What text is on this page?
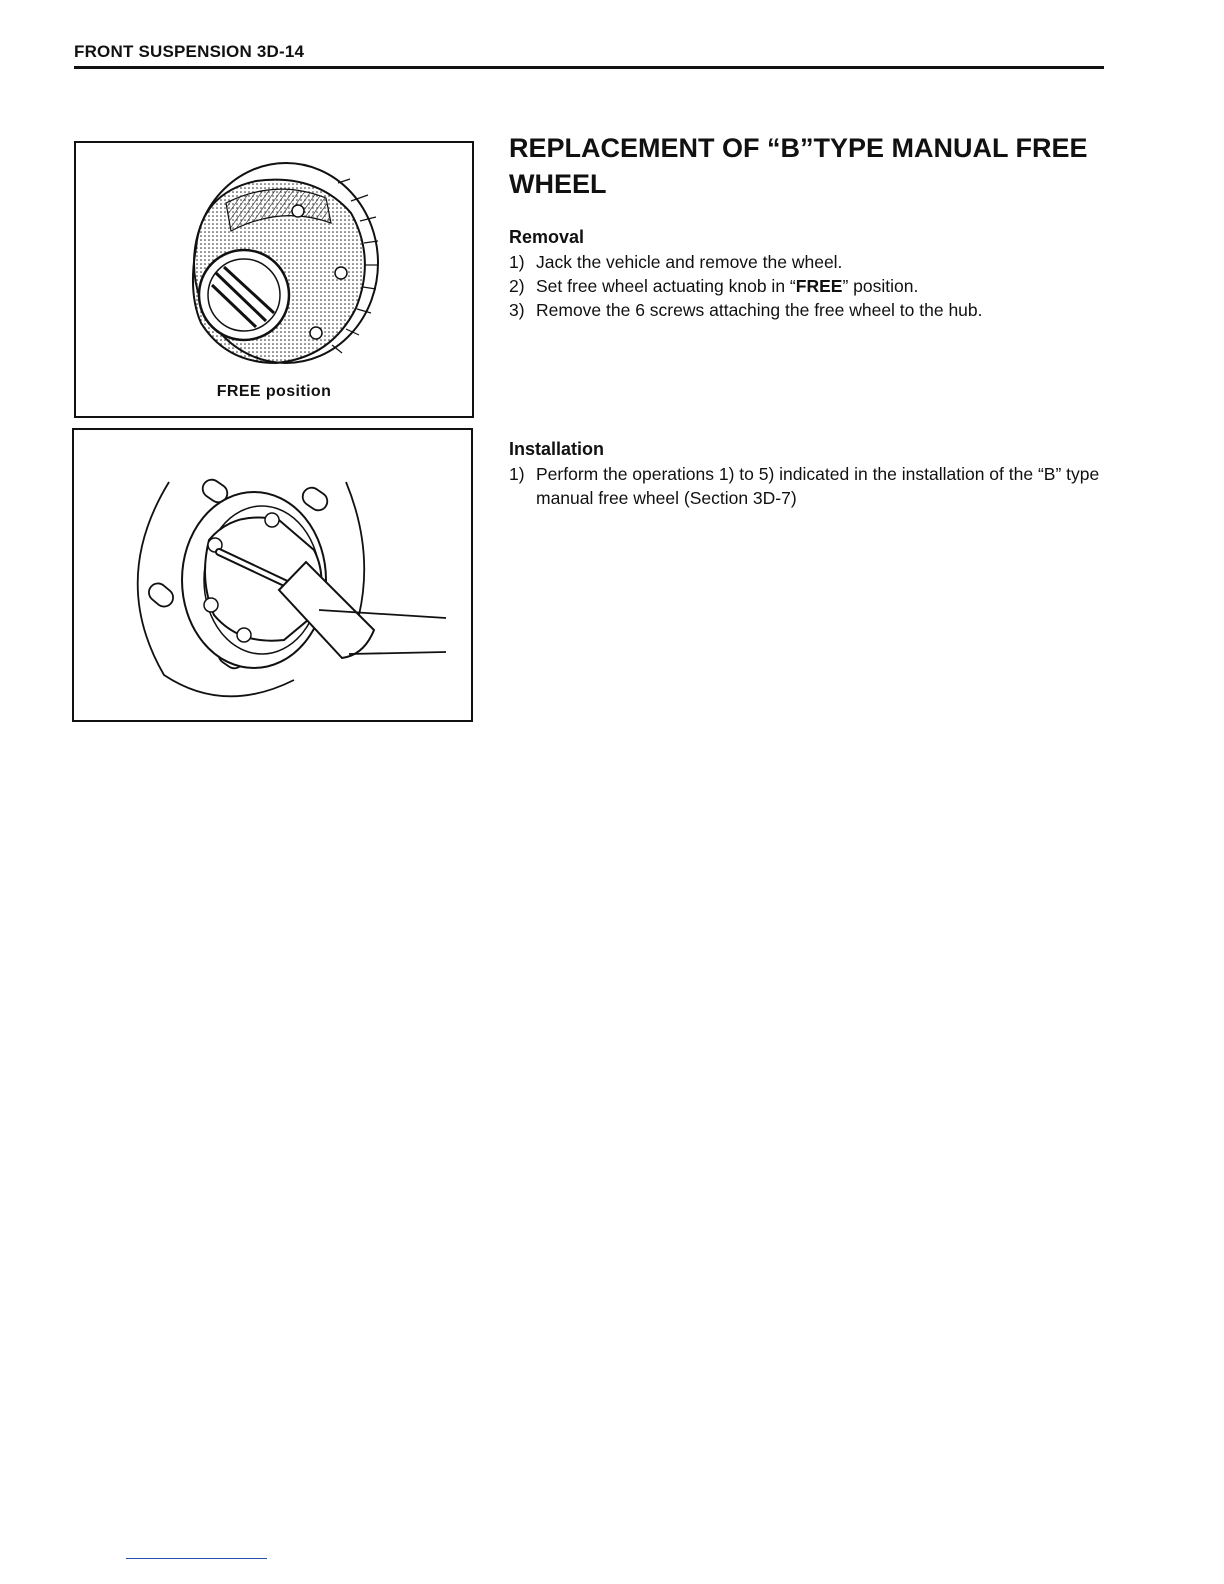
FRONT SUSPENSION 3D-14
FREE position
REPLACEMENT OF “B”TYPE MANUAL FREE WHEEL
Removal
1) Jack the vehicle and remove the wheel.
2) Set free wheel actuating knob in “FREE” position.
3) Remove the 6 screws attaching the free wheel to the hub.
Installation
1) Perform the operations 1) to 5) indicated in the installation of the “B” type manual free wheel (Section 3D-7)
